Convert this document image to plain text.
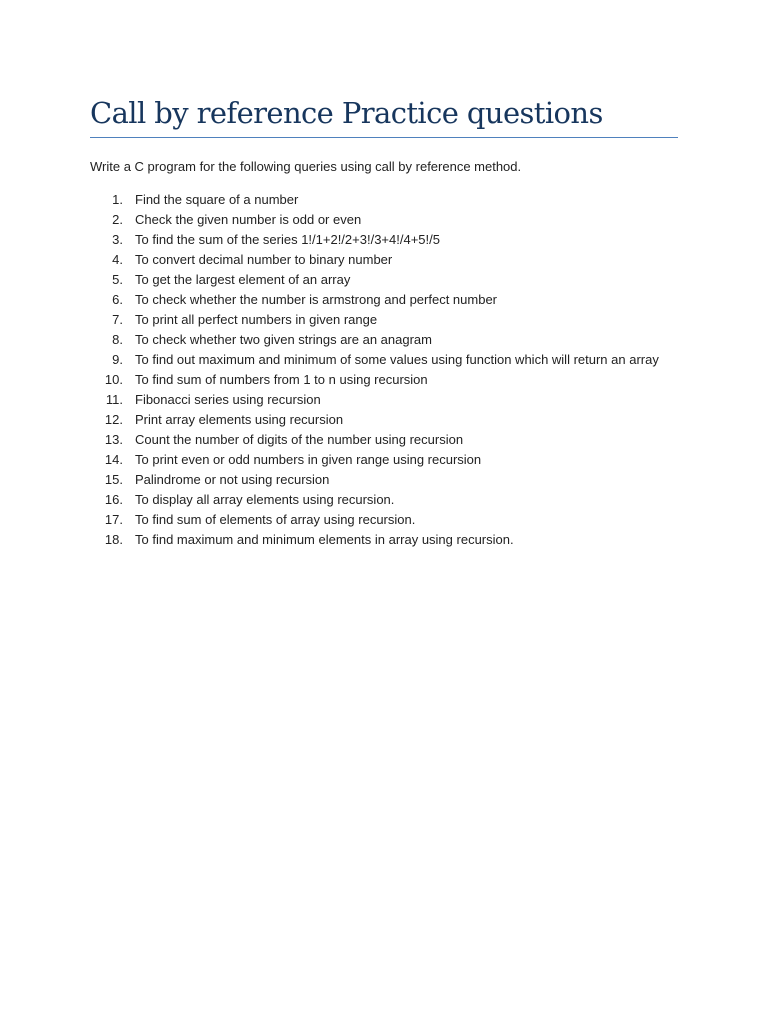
Call by reference Practice questions

Write a C program for the following queries using call by reference method.

1. Find the square of a number
2. Check the given number is odd or even
3. To find the sum of the series 1!/1+2!/2+3!/3+4!/4+5!/5
4. To convert decimal number to binary number
5. To get the largest element of an array
6. To check whether the number is armstrong and perfect number
7. To print all perfect numbers in given range
8. To check whether two given strings are an anagram
9. To find out maximum and minimum of some values using function which will return an array
10. To find sum of numbers from 1 to n using recursion
11. Fibonacci series using recursion
12. Print array elements using recursion
13. Count the number of digits of the number using recursion
14. To print even or odd numbers in given range using recursion
15. Palindrome or not using recursion
16. To display all array elements using recursion.
17. To find sum of elements of array using recursion.
18. To find maximum and minimum elements in array using recursion.
